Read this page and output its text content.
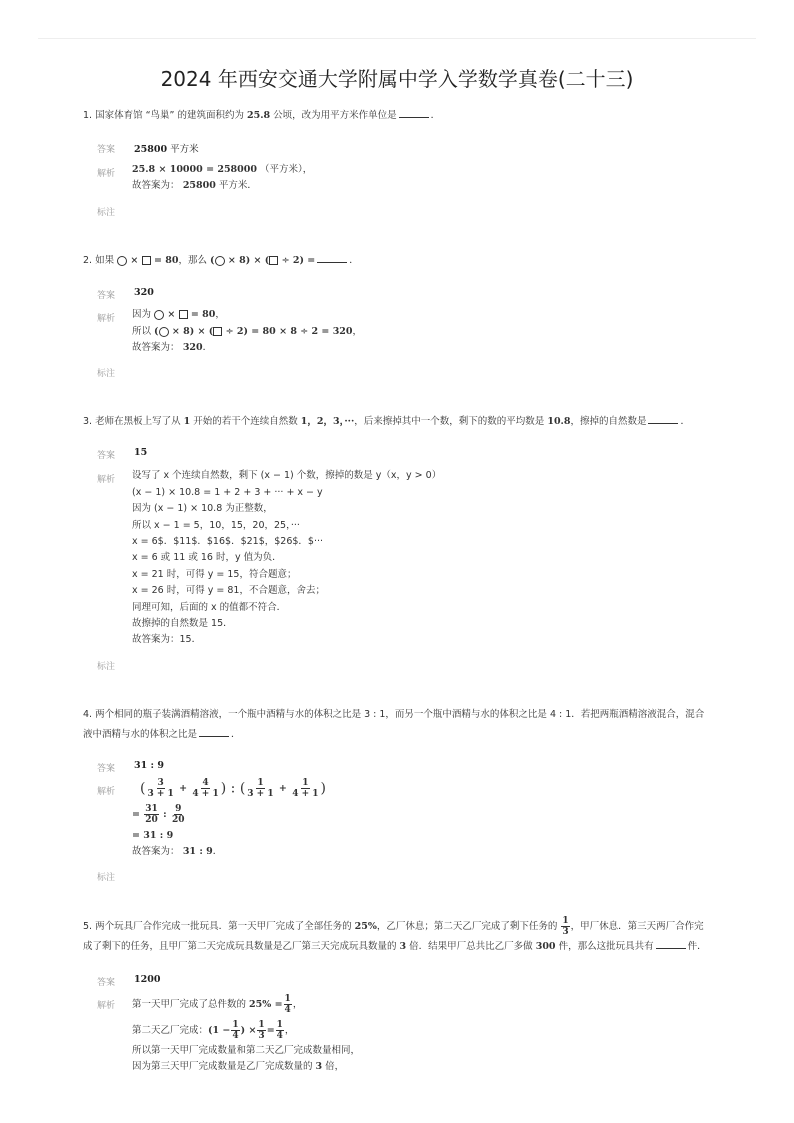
2024 年西安交通大学附属中学入学数学真卷(二十三)
1. 国家体育馆 “鸟巢” 的建筑面积约为 25.8 公顷，改为用平方米作单位是	．
答案 25800 平方米
解析 25.8 × 10000 = 258000 （平方米），
故答案为： 25800 平方米．
标注
2. 如果  ×  = 80，那么 ( × 8) × ( ÷ 2) =	．
答案 320
解析 因为  ×  = 80，
所以 ( × 8) × ( ÷ 2) = 80 × 8 ÷ 2 = 320，
故答案为： 320．
标注
3. 老师在黑板上写了从 1 开始的若干个连续自然数 1，2，3，···，后来擦掉其中一个数，剩下的数的平均数是 10.8，擦掉的自然数是	．
答案 15
解析 设写了 x 个连续自然数，剩下 (x − 1) 个数，擦掉的数是 y（x，y > 0）
(x − 1) × 10.8 = 1 + 2 + 3 + ··· + x − y
因为 (x − 1) × 10.8 为正整数，
所以 x − 1 = 5，10，15，20，25，···
x = 6$．$11$．$16$．$21$，$26$．$···
x = 6 或 11 或 16 时，y 值为负．
x = 21 时，可得 y = 15，符合题意；
x = 26 时，可得 y = 81，不合题意，舍去；
同理可知，后面的 x 的值都不符合．
故擦掉的自然数是 15．
故答案为：15．
标注
4. 两个相同的瓶子装满酒精溶液，一个瓶中酒精与水的体积之比是 3 : 1，而另一个瓶中酒精与水的体积之比是 4 : 1．若把两瓶酒精溶液混合，混合
液中酒精与水的体积之比是	．
答案 31 : 9
解析 ( $\frac{3}{3 + 1} + \frac{4}{4 + 1}$ ) : ( $\frac{1}{3 + 1} + \frac{1}{4 + 1}$ )
= $\frac{31}{20}$ : $\frac{9}{20}$
= 31 : 9
故答案为： 31 : 9．
标注
5. 两个玩具厂合作完成一批玩具．第一天甲厂完成了全部任务的 25%，乙厂休息；第二天乙厂完成了剩下任务的 $\frac{1}{3}$ ，甲厂休息．第三天两厂合作完
成了剩下的任务，且甲厂第二天完成玩具数量是乙厂第三天完成玩具数量的 3 倍．结果甲厂总共比乙厂多做 300 件，那么这批玩具共有	件．
答案 1200
解析 第一天甲厂完成了总件数的 $25\% = \frac{1}{4}$ ，
第二天乙厂完成：($1 - \frac{1}{4}$ ) × $\frac{1}{3} = \frac{1}{4}$ ，
所以第一天甲厂完成数量和第二天乙厂完成数量相同，
因为第三天甲厂完成数量是乙厂完成数量的 3 倍，
